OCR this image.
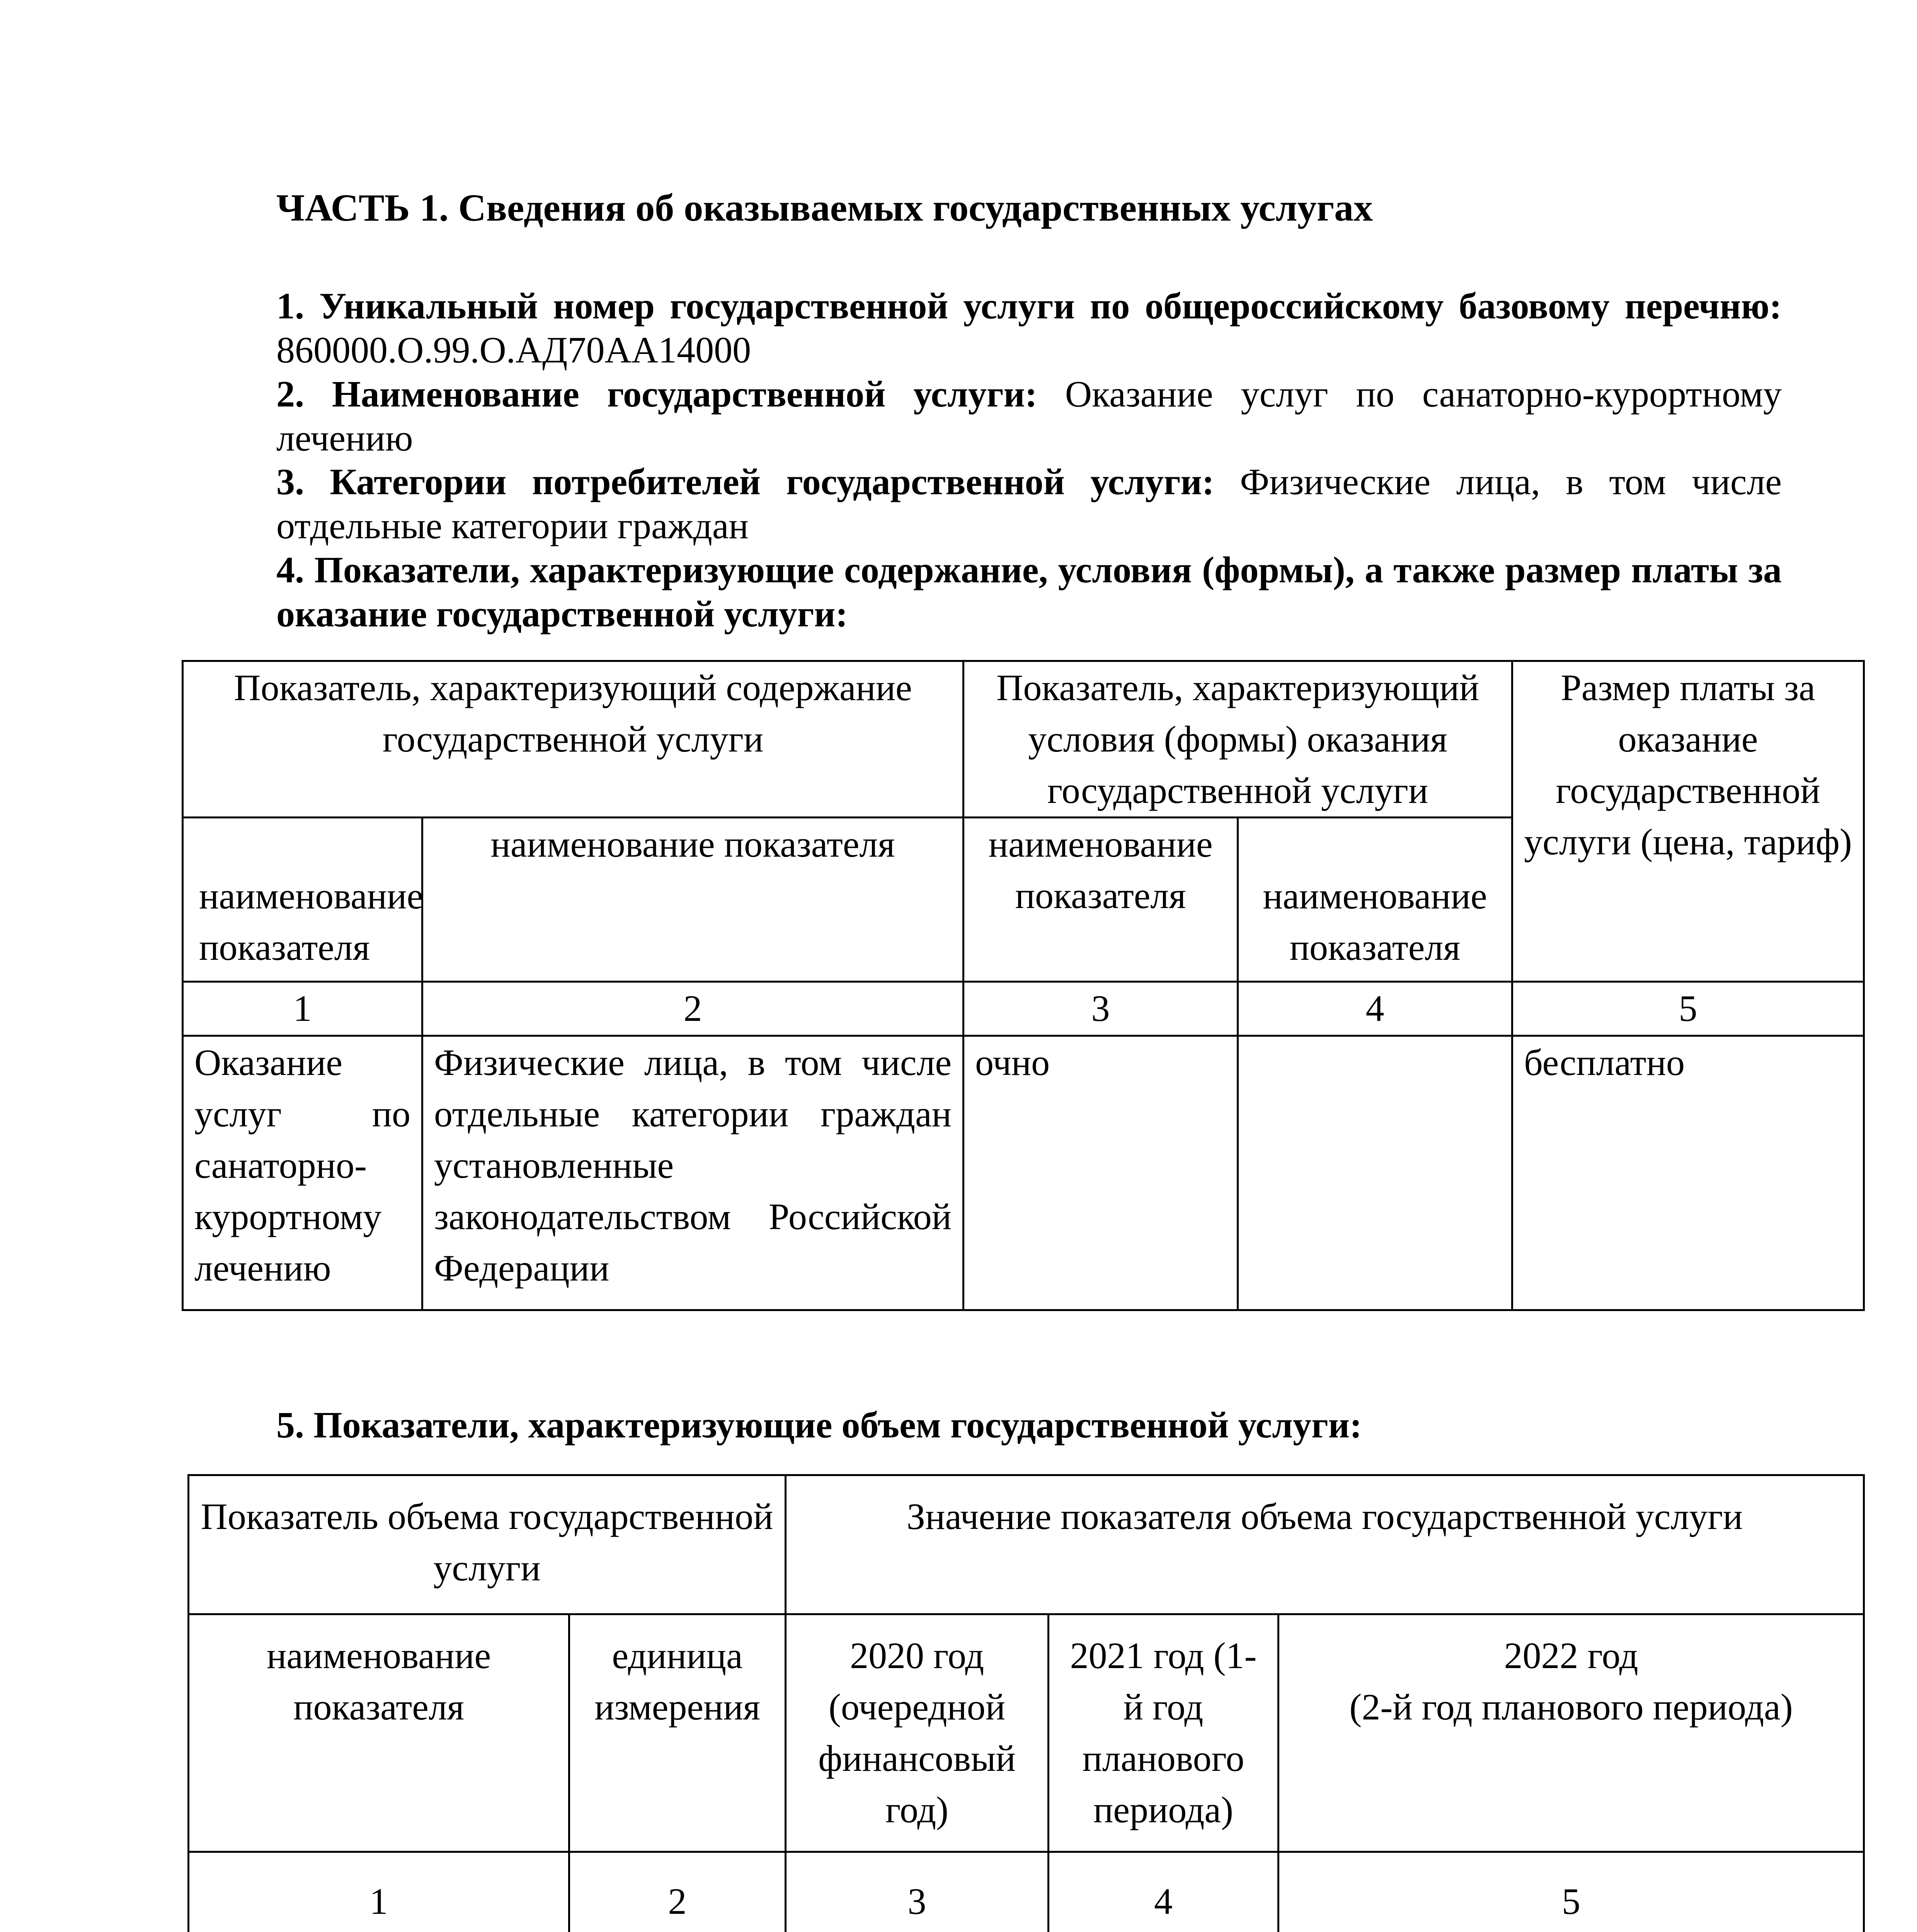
ЧАСТЬ 1. Сведения об оказываемых государственных услугах
1. Уникальный номер государственной услуги по общероссийскому базовому перечню: 860000.О.99.О.АД70АА14000
2. Наименование государственной услуги: Оказание услуг по санаторно-курортному лечению
3. Категории потребителей государственной услуги: Физические лица, в том числе отдельные категории граждан
4. Показатели, характеризующие содержание, условия (формы), а также размер платы за оказание государственной услуги:
Показатель, характеризующий содержание государственной услуги		Показатель, характеризующий условия (формы) оказания государственной услуги		Размер платы за оказание государственной услуги (цена, тариф)
наименование показателя	наименование показателя	наименование показателя	наименование показателя	
1	2	3	4	5
Оказание услуг по санаторно-курортному лечению	Физические лица, в том числе отдельные категории граждан установленные законодательством Российской Федерации	очно		бесплатно
5. Показатели, характеризующие объем государственной услуги:
Показатель объема государственной услуги		Значение показателя объема государственной услуги		
наименование показателя	единица измерения	2020 год (очередной финансовый год)	2021 год (1-й год планового периода)	2022 год
(2-й год планового периода)
1	2	3	4	5
